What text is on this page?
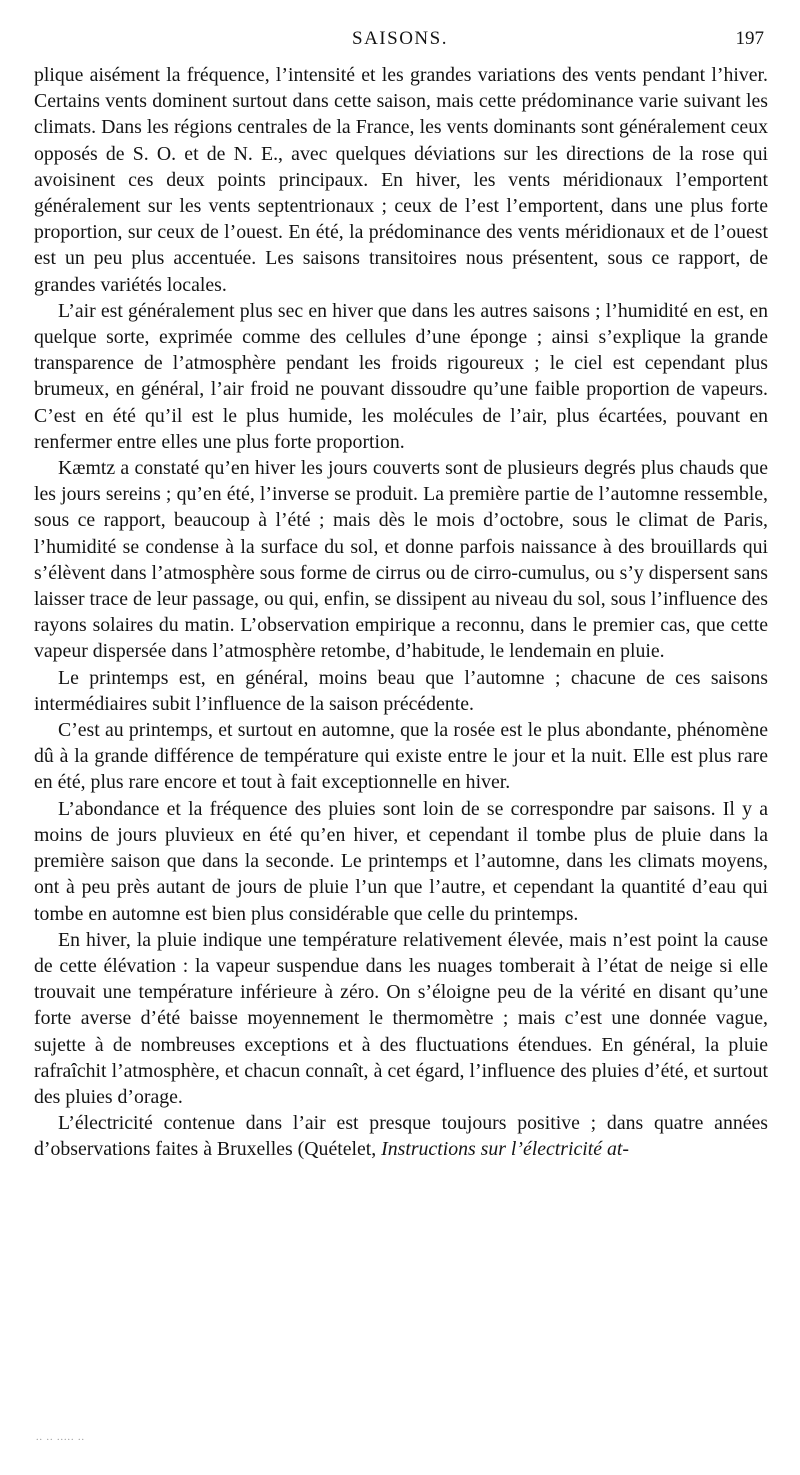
SAISONS.	197

plique aisément la fréquence, l’intensité et les grandes variations des vents pendant l’hiver. Certains vents dominent surtout dans cette saison, mais cette prédominance varie suivant les climats. Dans les régions centrales de la France, les vents dominants sont généralement ceux opposés de S. O. et de N. E., avec quelques déviations sur les directions de la rose qui avoisinent ces deux points principaux. En hiver, les vents méridionaux l’emportent généralement sur les vents septentrionaux ; ceux de l’est l’emportent, dans une plus forte proportion, sur ceux de l’ouest. En été, la prédominance des vents méridionaux et de l’ouest est un peu plus accentuée. Les saisons transitoires nous présentent, sous ce rapport, de grandes variétés locales.

L’air est généralement plus sec en hiver que dans les autres saisons ; l’humidité en est, en quelque sorte, exprimée comme des cellules d’une éponge ; ainsi s’explique la grande transparence de l’atmosphère pendant les froids rigoureux ; le ciel est cependant plus brumeux, en général, l’air froid ne pouvant dissoudre qu’une faible proportion de vapeurs. C’est en été qu’il est le plus humide, les molécules de l’air, plus écartées, pouvant en renfermer entre elles une plus forte proportion.

Kæmtz a constaté qu’en hiver les jours couverts sont de plusieurs degrés plus chauds que les jours sereins ; qu’en été, l’inverse se produit. La première partie de l’automne ressemble, sous ce rapport, beaucoup à l’été ; mais dès le mois d’octobre, sous le climat de Paris, l’humidité se condense à la surface du sol, et donne parfois naissance à des brouillards qui s’élèvent dans l’atmosphère sous forme de cirrus ou de cirro-cumulus, ou s’y dispersent sans laisser trace de leur passage, ou qui, enfin, se dissipent au niveau du sol, sous l’influence des rayons solaires du matin. L’observation empirique a reconnu, dans le premier cas, que cette vapeur dispersée dans l’atmosphère retombe, d’habitude, le lendemain en pluie.

Le printemps est, en général, moins beau que l’automne ; chacune de ces saisons intermédiaires subit l’influence de la saison précédente.

C’est au printemps, et surtout en automne, que la rosée est le plus abondante, phénomène dû à la grande différence de température qui existe entre le jour et la nuit. Elle est plus rare en été, plus rare encore et tout à fait exceptionnelle en hiver.

L’abondance et la fréquence des pluies sont loin de se correspondre par saisons. Il y a moins de jours pluvieux en été qu’en hiver, et cependant il tombe plus de pluie dans la première saison que dans la seconde. Le printemps et l’automne, dans les climats moyens, ont à peu près autant de jours de pluie l’un que l’autre, et cependant la quantité d’eau qui tombe en automne est bien plus considérable que celle du printemps.

En hiver, la pluie indique une température relativement élevée, mais n’est point la cause de cette élévation : la vapeur suspendue dans les nuages tomberait à l’état de neige si elle trouvait une température inférieure à zéro. On s’éloigne peu de la vérité en disant qu’une forte averse d’été baisse moyennement le thermomètre ; mais c’est une donnée vague, sujette à de nombreuses exceptions et à des fluctuations étendues. En général, la pluie rafraîchit l’atmosphère, et chacun connaît, à cet égard, l’influence des pluies d’été, et surtout des pluies d’orage.

L’électricité contenue dans l’air est presque toujours positive ; dans quatre années d’observations faites à Bruxelles (Quételet, Instructions sur l’électricité at-

.. .. ..... ..
